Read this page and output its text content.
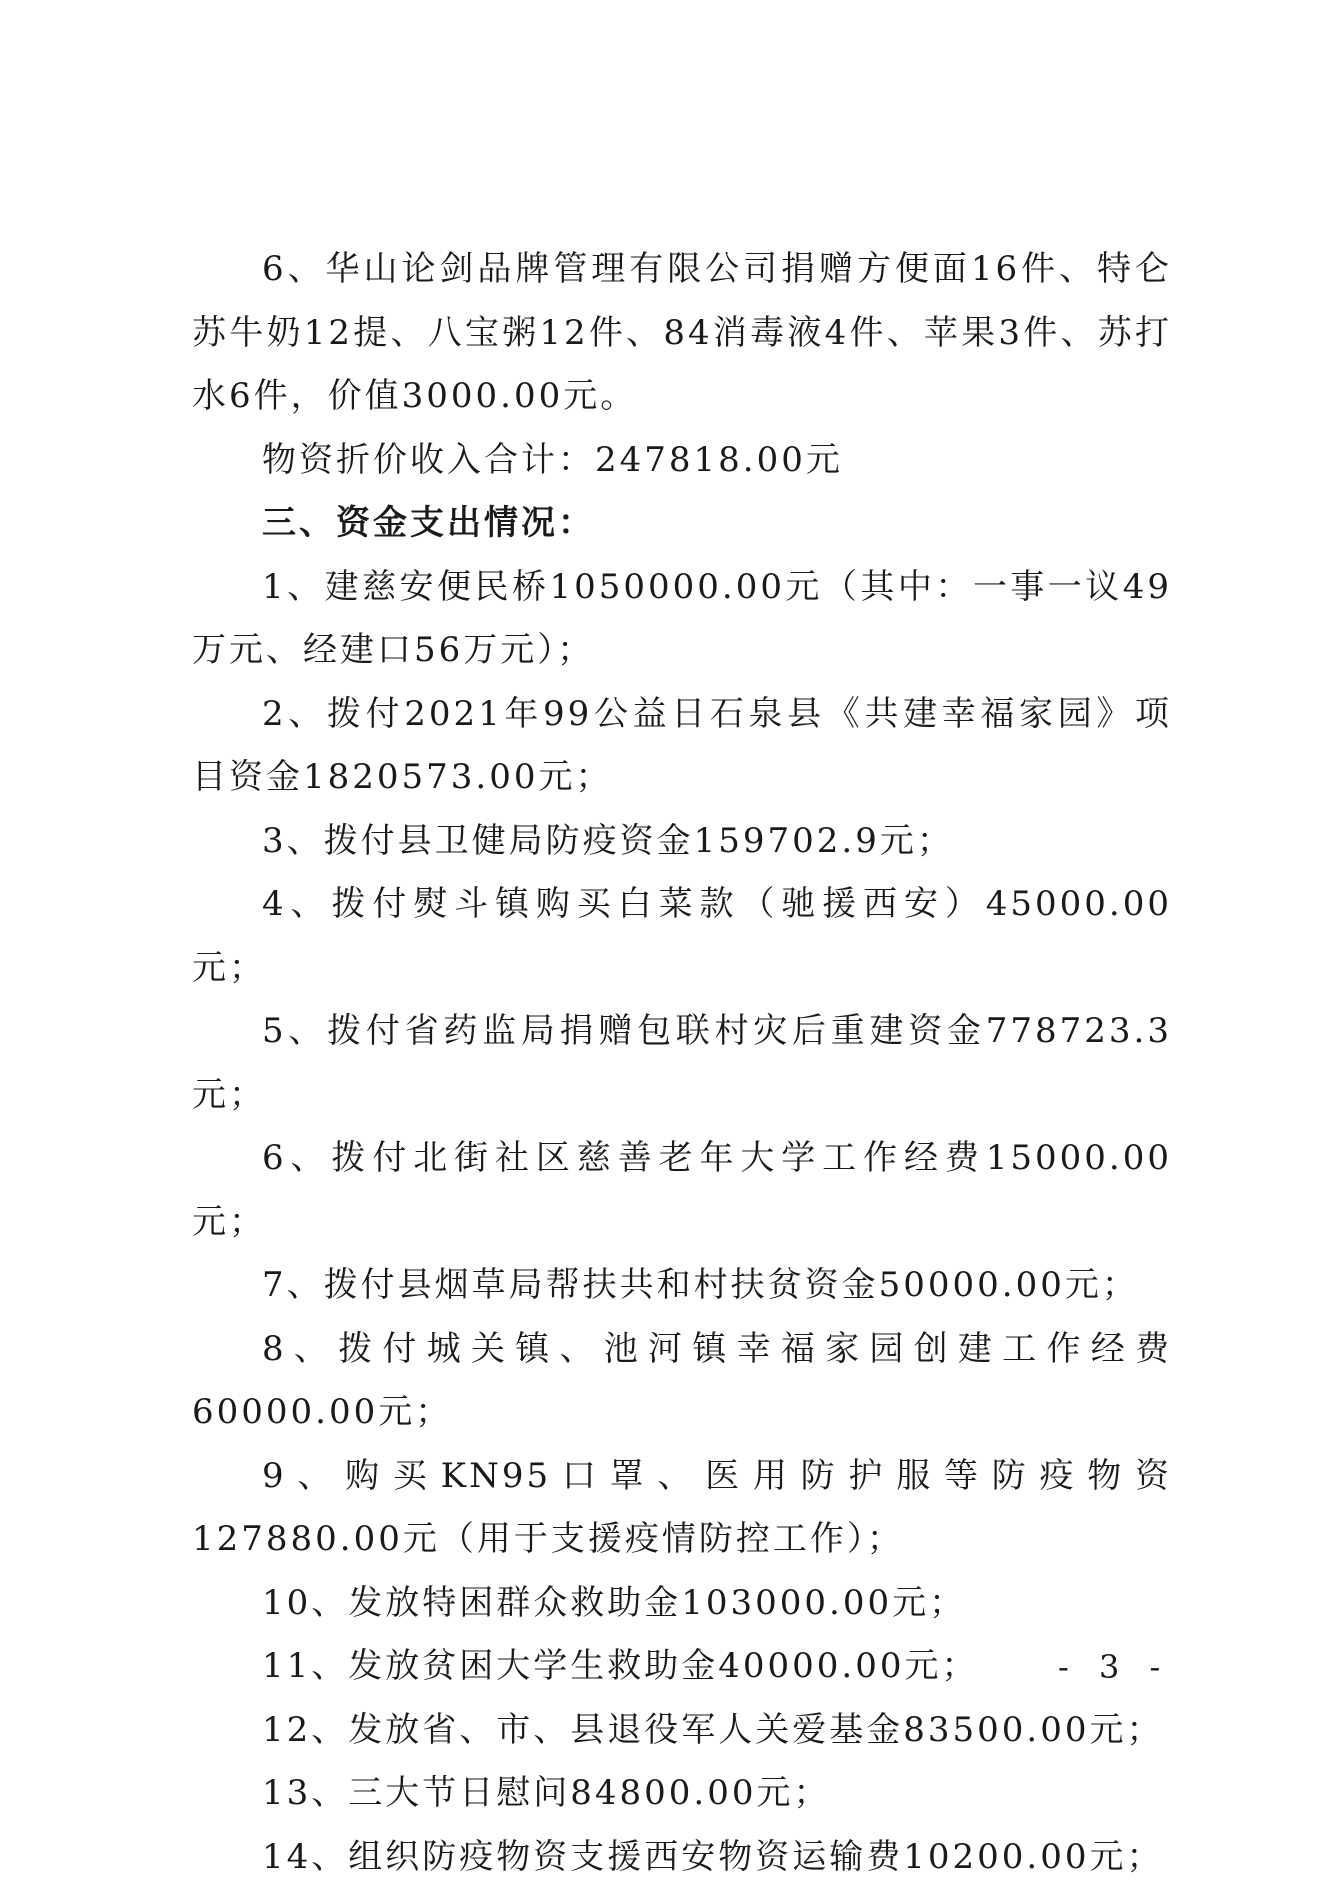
6、华山论剑品牌管理有限公司捐赠方便面16件、特仑苏牛奶12提、八宝粥12件、84消毒液4件、苹果3件、苏打水6件，价值3000.00元。

物资折价收入合计：247818.00元

三、资金支出情况：

1、建慈安便民桥1050000.00元（其中：一事一议49万元、经建口56万元）；

2、拨付2021年99公益日石泉县《共建幸福家园》项目资金1820573.00元；

3、拨付县卫健局防疫资金159702.9元；

4、拨付熨斗镇购买白菜款（驰援西安）45000.00元；

5、拨付省药监局捐赠包联村灾后重建资金778723.3元；

6、拨付北街社区慈善老年大学工作经费15000.00元；

7、拨付县烟草局帮扶共和村扶贫资金50000.00元；

8、拨付城关镇、池河镇幸福家园创建工作经费60000.00元；

9、购买KN95口罩、医用防护服等防疫物资127880.00元（用于支援疫情防控工作）；

10、发放特困群众救助金103000.00元；

11、发放贫困大学生救助金40000.00元；

12、发放省、市、县退役军人关爱基金83500.00元；

13、三大节日慰问84800.00元；

14、组织防疫物资支援西安物资运输费10200.00元；

- 3 -
